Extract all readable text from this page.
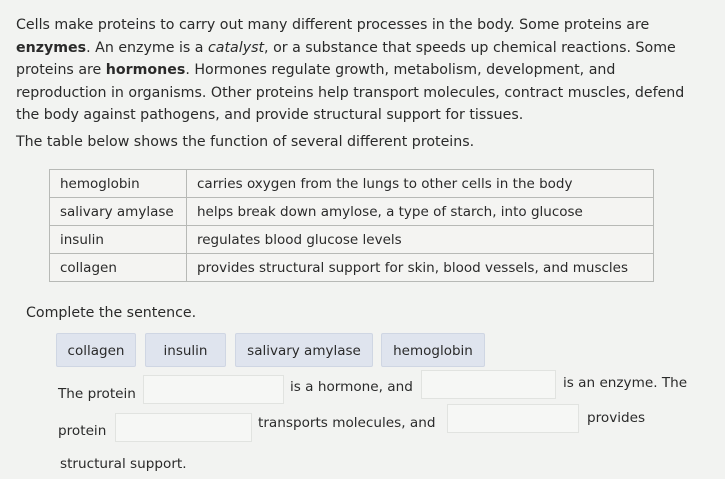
Cells make proteins to carry out many different processes in the body. Some proteins are enzymes. An enzyme is a catalyst, or a substance that speeds up chemical reactions. Some proteins are hormones. Hormones regulate growth, metabolism, development, and reproduction in organisms. Other proteins help transport molecules, contract muscles, defend the body against pathogens, and provide structural support for tissues.

The table below shows the function of several different proteins.

hemoglobin	carries oxygen from the lungs to other cells in the body
salivary amylase	helps break down amylose, a type of starch, into glucose
insulin	regulates blood glucose levels
collagen	provides structural support for skin, blood vessels, and muscles

Complete the sentence.

collagen	insulin	salivary amylase	hemoglobin

The protein	is a hormone, and	is an enzyme. The

protein	transports molecules, and	provides

structural support.
